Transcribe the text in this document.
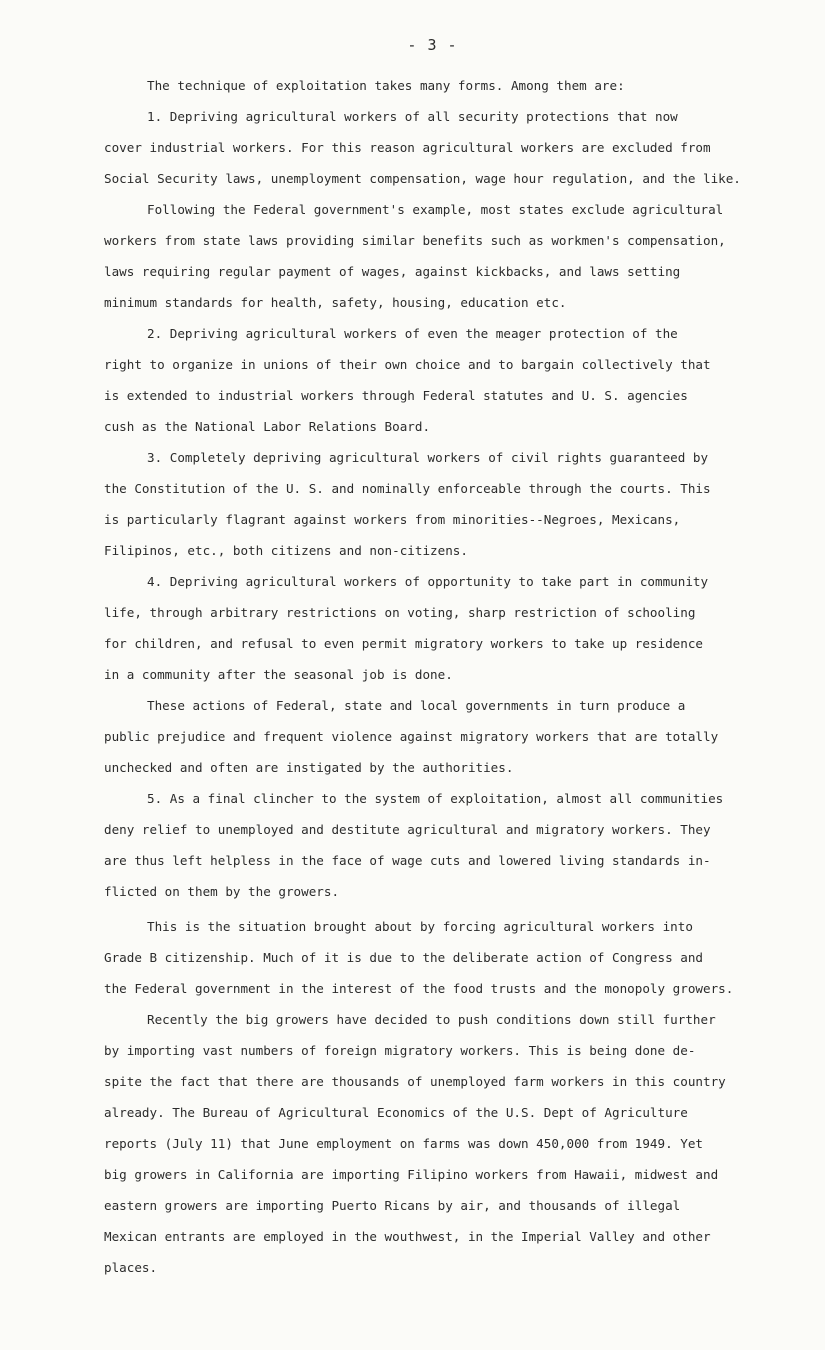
- 3 -
The technique of exploitation takes many forms. Among them are:
1. Depriving agricultural workers of all security protections that now
cover industrial workers. For this reason agricultural workers are excluded from
Social Security laws, unemployment compensation, wage hour regulation, and the like.
Following the Federal government's example, most states exclude agricultural
workers from state laws providing similar benefits such as workmen's compensation,
laws requiring regular payment of wages, against kickbacks, and laws setting
minimum standards for health, safety, housing, education etc.
2. Depriving agricultural workers of even the meager protection of the
right to organize in unions of their own choice and to bargain collectively that
is extended to industrial workers through Federal statutes and U. S. agencies
cush as the National Labor Relations Board.
3. Completely depriving agricultural workers of civil rights guaranteed by
the Constitution of the U. S. and nominally enforceable through the courts. This
is particularly flagrant against workers from minorities--Negroes, Mexicans,
Filipinos, etc., both citizens and non-citizens.
4. Depriving agricultural workers of opportunity to take part in community
life, through arbitrary restrictions on voting, sharp restriction of schooling
for children, and refusal to even permit migratory workers to take up residence
in a community after the seasonal job is done.
These actions of Federal, state and local governments in turn produce a
public prejudice and frequent violence against migratory workers that are totally
unchecked and often are instigated by the authorities.
5. As a final clincher to the system of exploitation, almost all communities
deny relief to unemployed and destitute agricultural and migratory workers. They
are thus left helpless in the face of wage cuts and lowered living standards in-
flicted on them by the growers.
This is the situation brought about by forcing agricultural workers into
Grade B citizenship. Much of it is due to the deliberate action of Congress and
the Federal government in the interest of the food trusts and the monopoly growers.
Recently the big growers have decided to push conditions down still further
by importing vast numbers of foreign migratory workers. This is being done de-
spite the fact that there are thousands of unemployed farm workers in this country
already. The Bureau of Agricultural Economics of the U.S. Dept of Agriculture
reports (July 11) that June employment on farms was down 450,000 from 1949. Yet
big growers in California are importing Filipino workers from Hawaii, midwest and
eastern growers are importing Puerto Ricans by air, and thousands of illegal
Mexican entrants are employed in the wouthwest, in the Imperial Valley and other
places.
